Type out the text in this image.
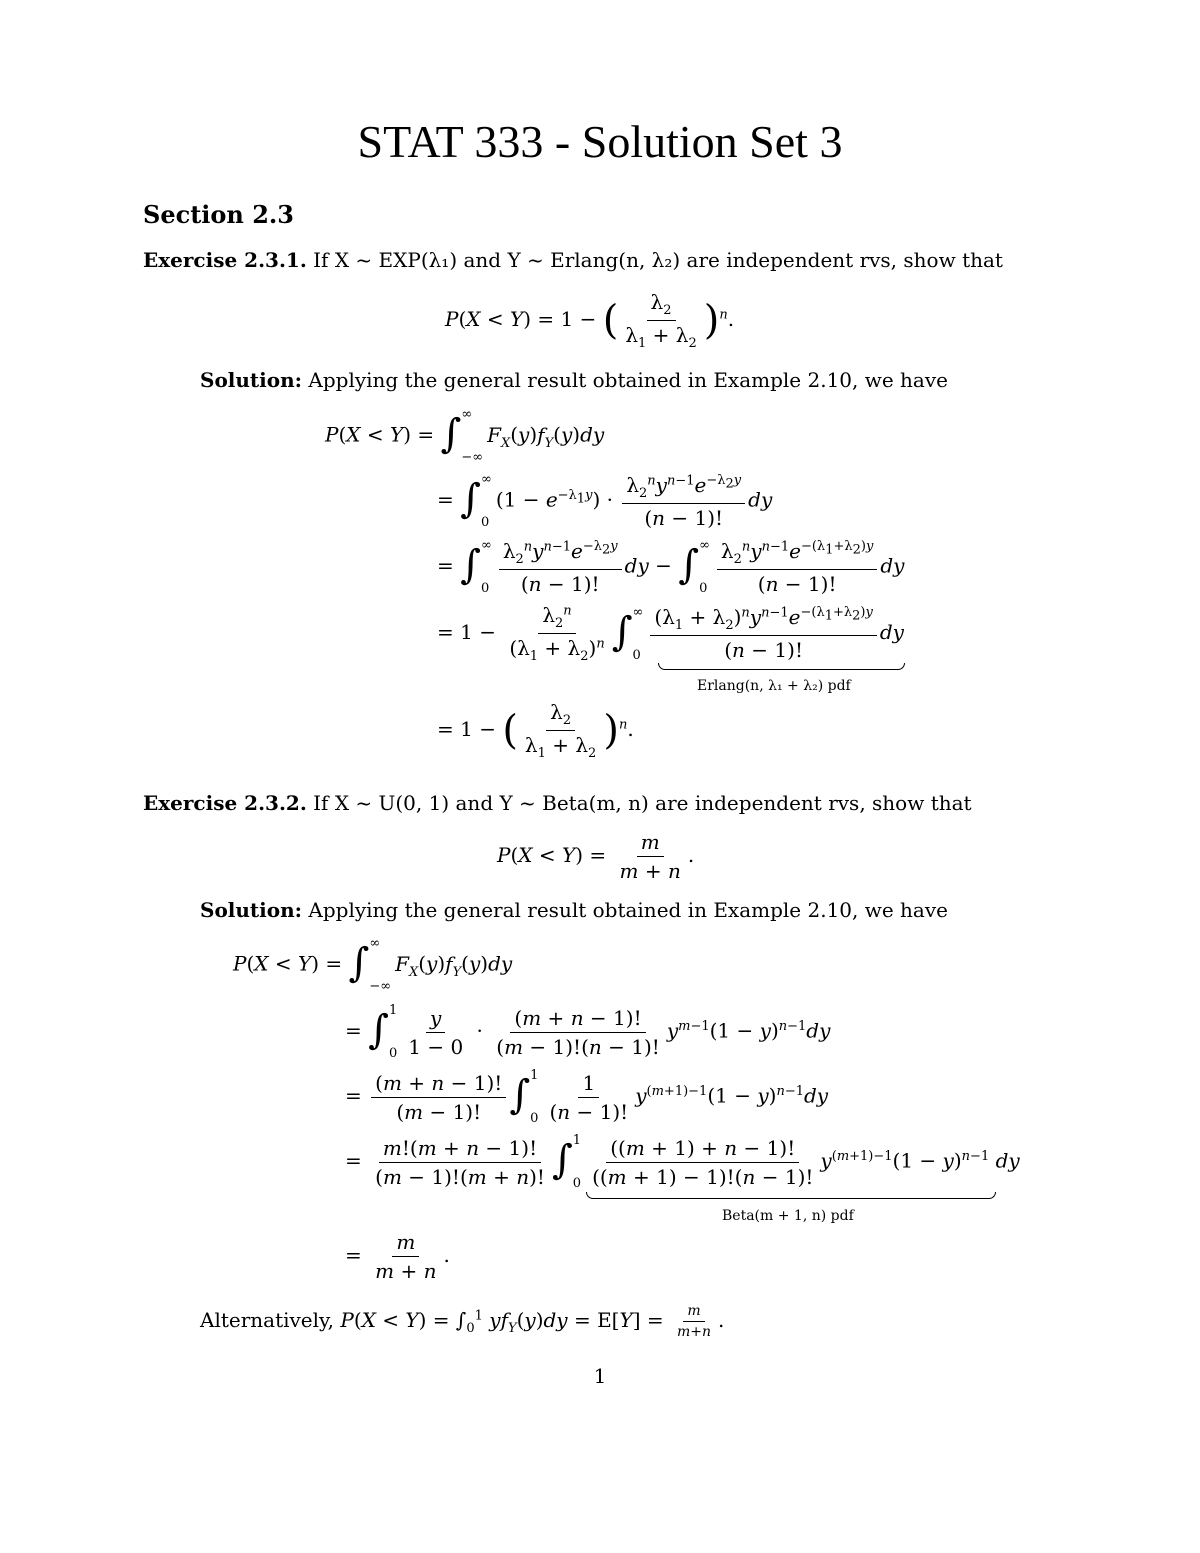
STAT 333 - Solution Set 3
Section 2.3
Exercise 2.3.1. If X ~ EXP(λ₁) and Y ~ Erlang(n, λ₂) are independent rvs, show that
P(X < Y) = 1 − ( $\frac{\lambda_2}{\lambda_1 + \lambda_2} )^n$.
Solution: Applying the general result obtained in Example 2.10, we have
P(X < Y) = ∫ ∞
−∞
$F_X(y)f_Y(y)dy$
= ∫ ∞
0
$(1 - e^{-\lambda_1y}) \cdot \frac{\lambda_2^ny^{n-1}e^{-\lambda_2y}}{(n - 1)!}$ dy
= ∫ ∞
$0 \frac{\lambda_2^ny^{n-1}e^{-\lambda_2y}}{(n - 1)!}$ dy − ∫ ∞
$0 \frac{\lambda_2^ny^{n-1}e^{-(\lambda_1+\lambda_2)y}}{(n - 1)!}$ dy
= $1 - \frac{\lambda_2^n}{(\lambda_1 + \lambda_2)^n}$ ∫ ∞
$0 \frac{(\lambda_1 + \lambda_2)^ny^{n-1}e^{-(\lambda_1+\lambda_2)y}}{(n - 1)!}$ dy
Erlang(n, λ₁ + λ₂) pdf
= 1 − ( $\frac{\lambda_2}{\lambda_1 + \lambda_2} )^n$.
Exercise 2.3.2. If X ~ U(0, 1) and Y ~ Beta(m, n) are independent rvs, show that
$P(X < Y) = \frac{m}{m + n}$ .
Solution: Applying the general result obtained in Example 2.10, we have
P(X < Y) = ∫ ∞
−∞
$F_X(y)f_Y(y)dy$
= ∫ 1
$0 \frac{y}{1 - 0} \cdot \frac{(m + n - 1)!}{(m - 1)!(n - 1)!} y^{m-1}(1 - y)^{n-1}dy$
= $\frac{(m + n - 1)!}{(m - 1)!}$ ∫ 1
$0 \frac{1}{(n - 1)!} y^{(m+1)-1}(1 - y)^{n-1}dy$
= $\frac{m!(m + n - 1)!}{(m - 1)!(m + n)!}$ ∫ 1
$0 \frac{((m + 1) + n - 1)!}{((m + 1) - 1)!(n - 1)!} y^{(m+1)-1}(1 - y)^{n-1}$ dy
Beta(m + 1, n) pdf
= $\frac{m}{m + n}$ .
Alternatively, $P(X < Y) = \int_0^1$ $yf_Y(y)dy = E[Y] = \frac{m}{m+n}$ .
1
